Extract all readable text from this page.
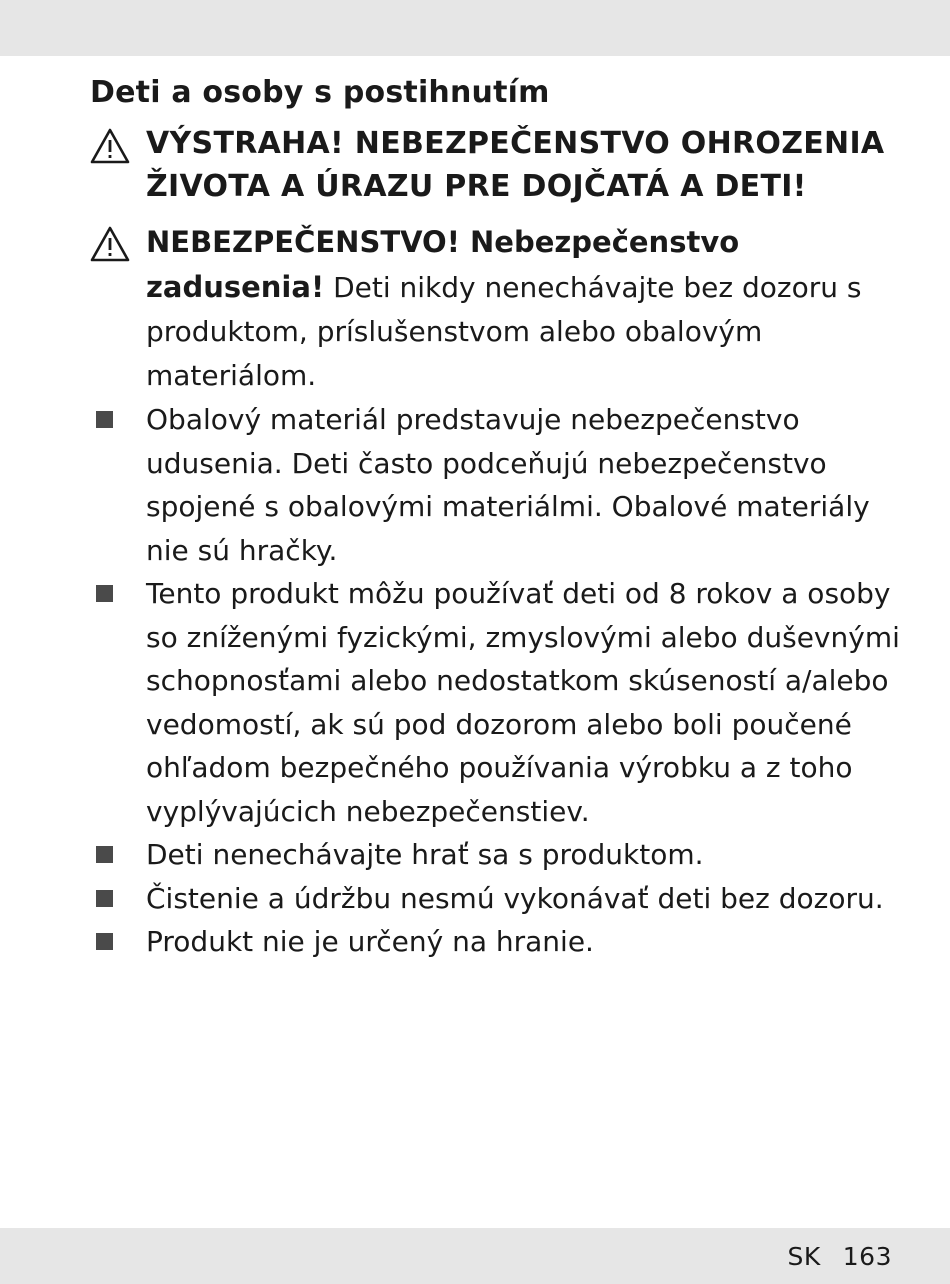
Deti a osoby s postihnutím

VÝSTRAHA! NEBEZPEČENSTVO OHROZENIA ŽIVOTA A ÚRAZU PRE DOJČATÁ A DETI!

NEBEZPEČENSTVO! Nebezpečenstvo zadusenia! Deti nikdy nenechávajte bez dozoru s produktom, príslušenstvom alebo obalovým materiálom.

Obalový materiál predstavuje nebezpečenstvo udusenia. Deti často podceňujú nebezpečenstvo spojené s obalovými materiálmi. Obalové materiály nie sú hračky.
Tento produkt môžu používať deti od 8 rokov a osoby so zníženými fyzickými, zmyslovými alebo duševnými schopnosťami alebo nedostatkom skúseností a/alebo vedomostí, ak sú pod dozorom alebo boli poučené ohľadom bezpečného používania výrobku a z toho vyplývajúcich nebezpečenstiev.
Deti nenechávajte hrať sa s produktom.
Čistenie a údržbu nesmú vykonávať deti bez dozoru.
Produkt nie je určený na hranie.
SK 163
